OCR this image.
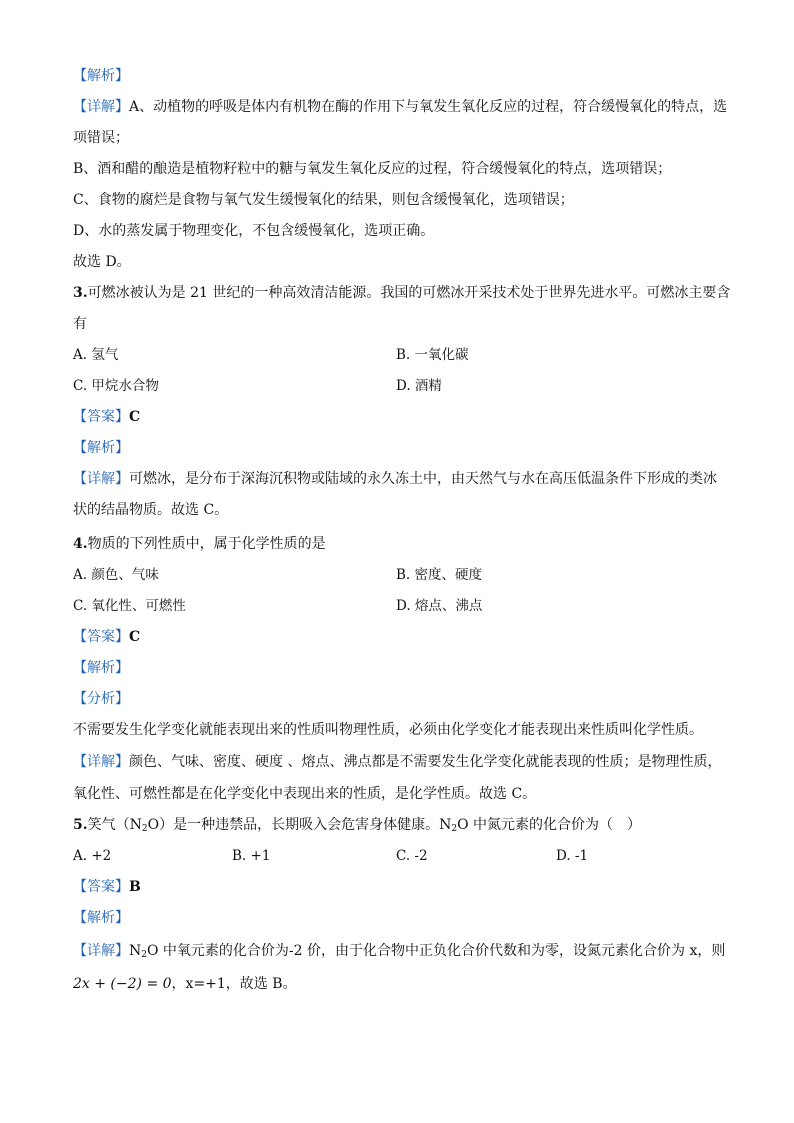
【解析】
【详解】A、动植物的呼吸是体内有机物在酶的作用下与氧发生氧化反应的过程，符合缓慢氧化的特点，选
项错误；
B、酒和醋的酿造是植物籽粒中的糖与氧发生氧化反应的过程，符合缓慢氧化的特点，选项错误；
C、食物的腐烂是食物与氧气发生缓慢氧化的结果，则包含缓慢氧化，选项错误；
D、水的蒸发属于物理变化，不包含缓慢氧化，选项正确。
故选 D。
3.可燃冰被认为是 21 世纪的一种高效清洁能源。我国的可燃冰开采技术处于世界先进水平。可燃冰主要含
有
A. 氢气	B. 一氧化碳
C. 甲烷水合物	D. 酒精
【答案】C
【解析】
【详解】可燃冰，是分布于深海沉积物或陆域的永久冻土中，由天然气与水在高压低温条件下形成的类冰
状的结晶物质。故选 C。
4.物质的下列性质中，属于化学性质的是
A. 颜色、气味	B. 密度、硬度
C. 氧化性、可燃性	D. 熔点、沸点
【答案】C
【解析】
【分析】
不需要发生化学变化就能表现出来的性质叫物理性质，必须由化学变化才能表现出来性质叫化学性质。
【详解】颜色、气味、密度、硬度 、熔点、沸点都是不需要发生化学变化就能表现的性质；是物理性质，
氧化性、可燃性都是在化学变化中表现出来的性质，是化学性质。故选 C。
5.笑气$(N_2O)$是一种违禁品，长期吸入会危害身体健康。$N_2O$ 中氮元素的化合价为（　）
A. +2	B. +1	C. -2	D. -1
【答案】B
【解析】
【详解】$N_2O$ 中氧元素的化合价为-2 价，由于化合物中正负化合价代数和为零，设氮元素化合价为 x，则
2x + (−2) = 0，x=+1，故选 B。
